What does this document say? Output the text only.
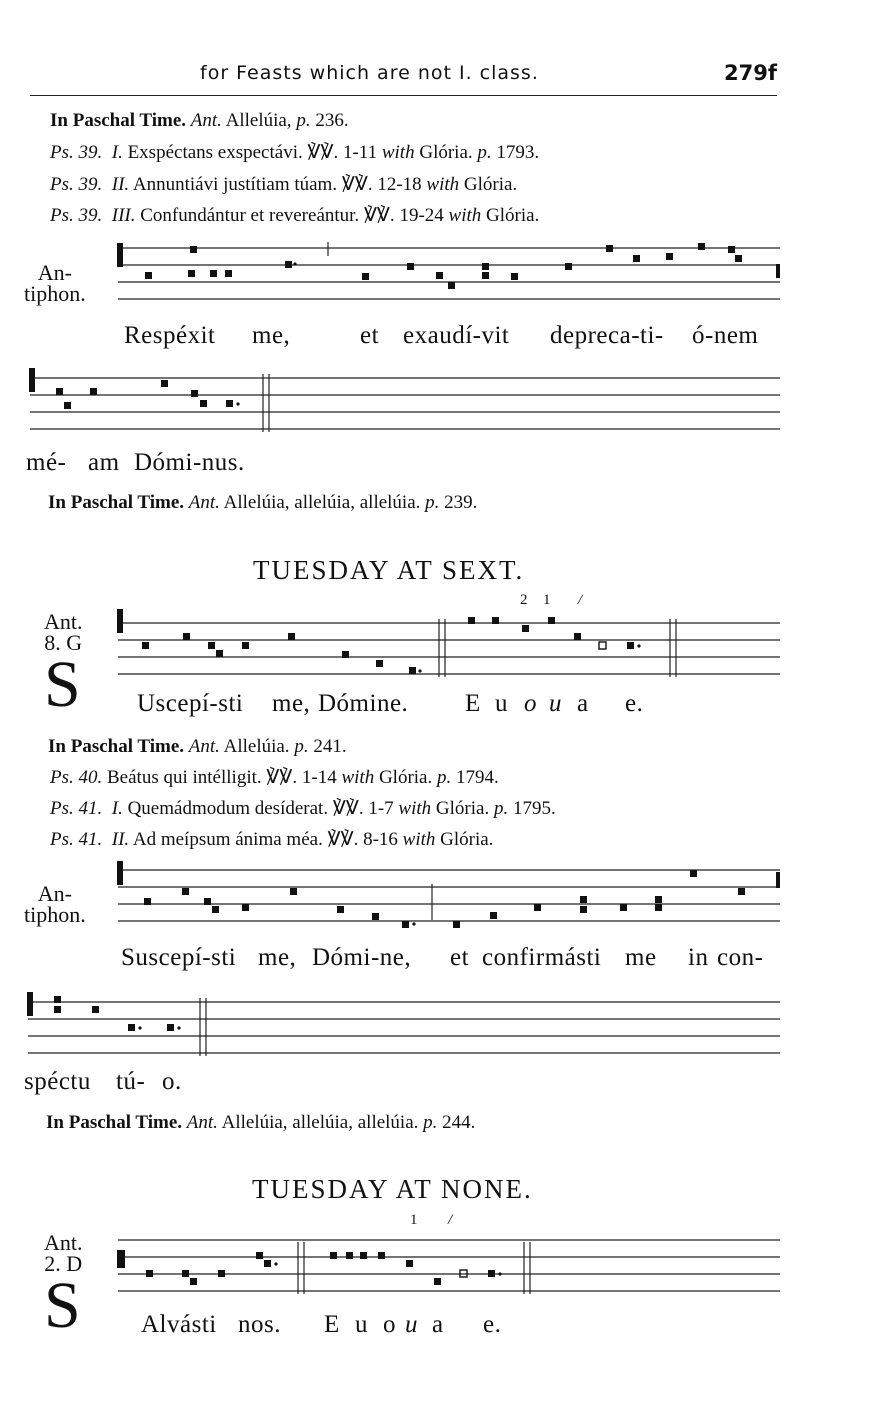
for Feasts which are not I. class.	279f
In Paschal Time. Ant. Allelúia, p. 236.
Ps. 39. I. Exspéctans exspectávi. ℣℣. 1-11 with Glória. p. 1793.
Ps. 39. II. Annuntiávi justítiam túam. ℣℣. 12-18 with Glória.
Ps. 39. III. Confundántur et revereántur. ℣℣. 19-24 with Glória.
An-
tiphon.
Respéxit me,	et exaudí-vit depreca-ti- ó-nem
mé- am Dómi-nus.
In Paschal Time. Ant. Allelúia, allelúia, allelúia. p. 239.
TUESDAY AT SEXT.
Ant.
8. G
S
2 1 /
Uscepí-sti me, Dómine. E u o u a e.
In Paschal Time. Ant. Allelúia. p. 241.
Ps. 40. Beátus qui intélligit. ℣℣. 1-14 with Glória. p. 1794.
Ps. 41. I. Quemádmodum desíderat. ℣℣. 1-7 with Glória. p. 1795.
Ps. 41. II. Ad meípsum ánima méa. ℣℣. 8-16 with Glória.
An-
tiphon.
Suscepí-sti me, Dómi-ne, et confirmásti me in con-
spéctu tú- o.
In Paschal Time. Ant. Allelúia, allelúia, allelúia. p. 244.
TUESDAY AT NONE.
1 /
Ant.
2. D
S Alvásti nos. E u o u a e.
